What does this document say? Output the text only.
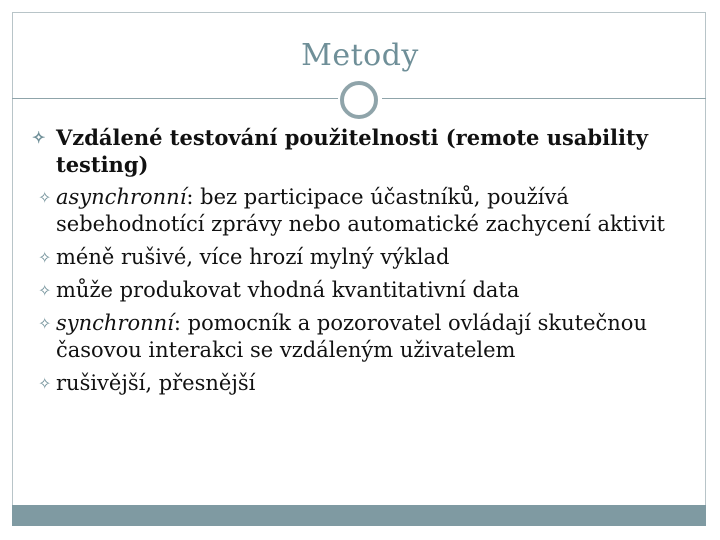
Metody
✧ Vzdálené testování použitelnosti (remote usability testing)
✧ asynchronní: bez participace účastníků, používá sebehodnotící zprávy nebo automatické zachycení aktivit
✧ méně rušivé, více hrozí mylný výklad
✧ může produkovat vhodná kvantitativní data
✧ synchronní: pomocník a pozorovatel ovládají skutečnou časovou interakci se vzdáleným uživatelem
✧ rušivější, přesnější
